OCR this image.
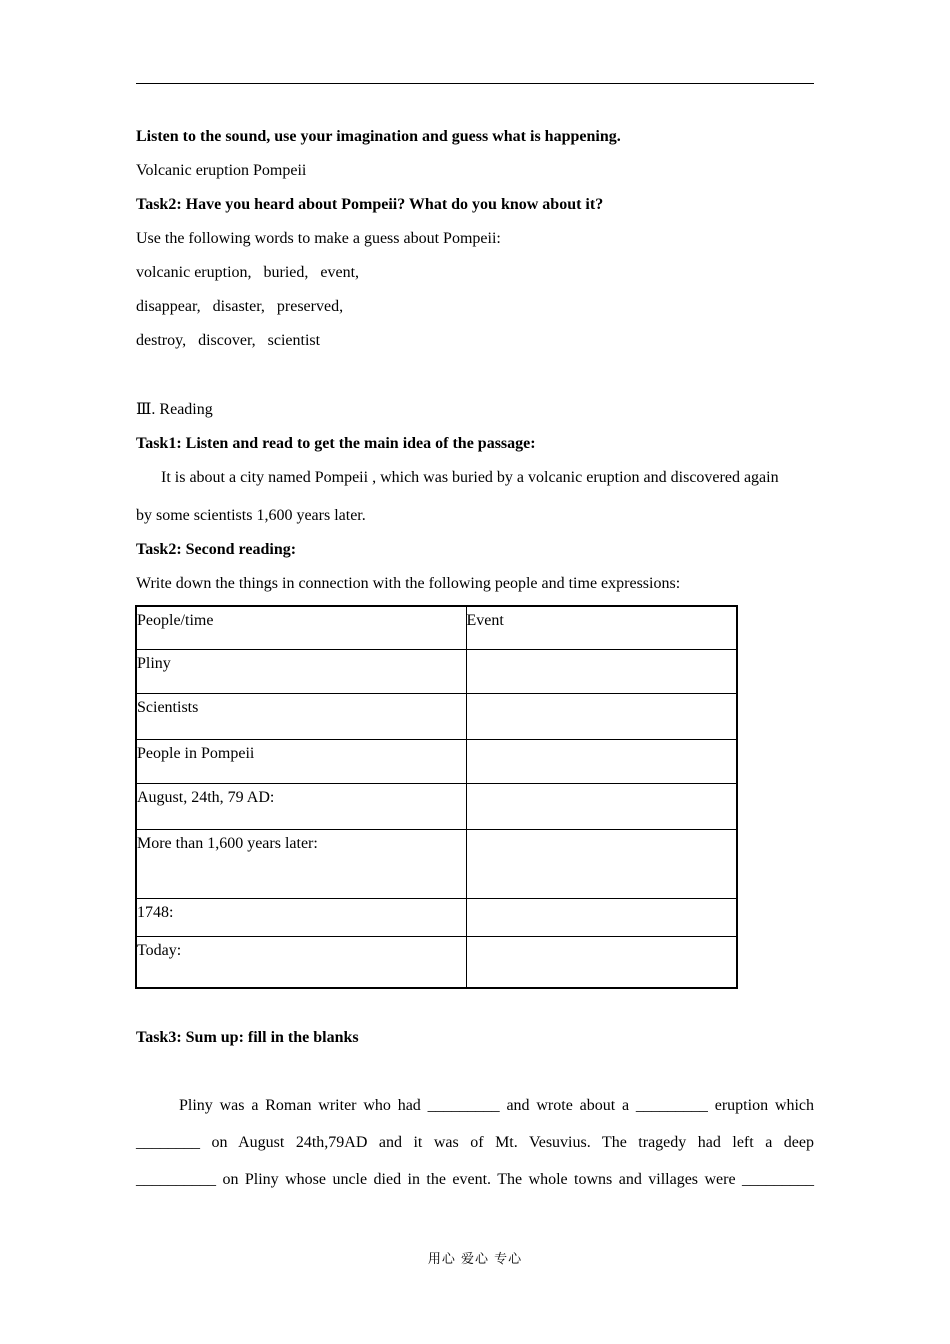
Listen to the sound, use your imagination and guess what is happening.
Volcanic eruption Pompeii
Task2: Have you heard about Pompeii? What do you know about it?
Use the following words to make a guess about Pompeii:
volcanic eruption,   buried,   event,
disappear,   disaster,   preserved,
destroy,   discover,   scientist
Ⅲ. Reading
Task1: Listen and read to get the main idea of the passage:
It is about a city named Pompeii , which was buried by a volcanic eruption and discovered again
by some scientists 1,600 years later.
Task2: Second reading:
Write down the things in connection with the following people and time expressions:
People/time	Event
Pliny	
Scientists	
People in Pompeii	
August, 24th, 79 AD:	
More than 1,600 years later:	
1748:	
Today:	
Task3: Sum up: fill in the blanks
Pliny was a Roman writer who had _________ and wrote about a _________ eruption which
________ on August 24th,79AD and it was of Mt. Vesuvius. The tragedy had left a deep
__________ on Pliny whose uncle died in the event. The whole towns and villages were _________
用心 爱心 专心
